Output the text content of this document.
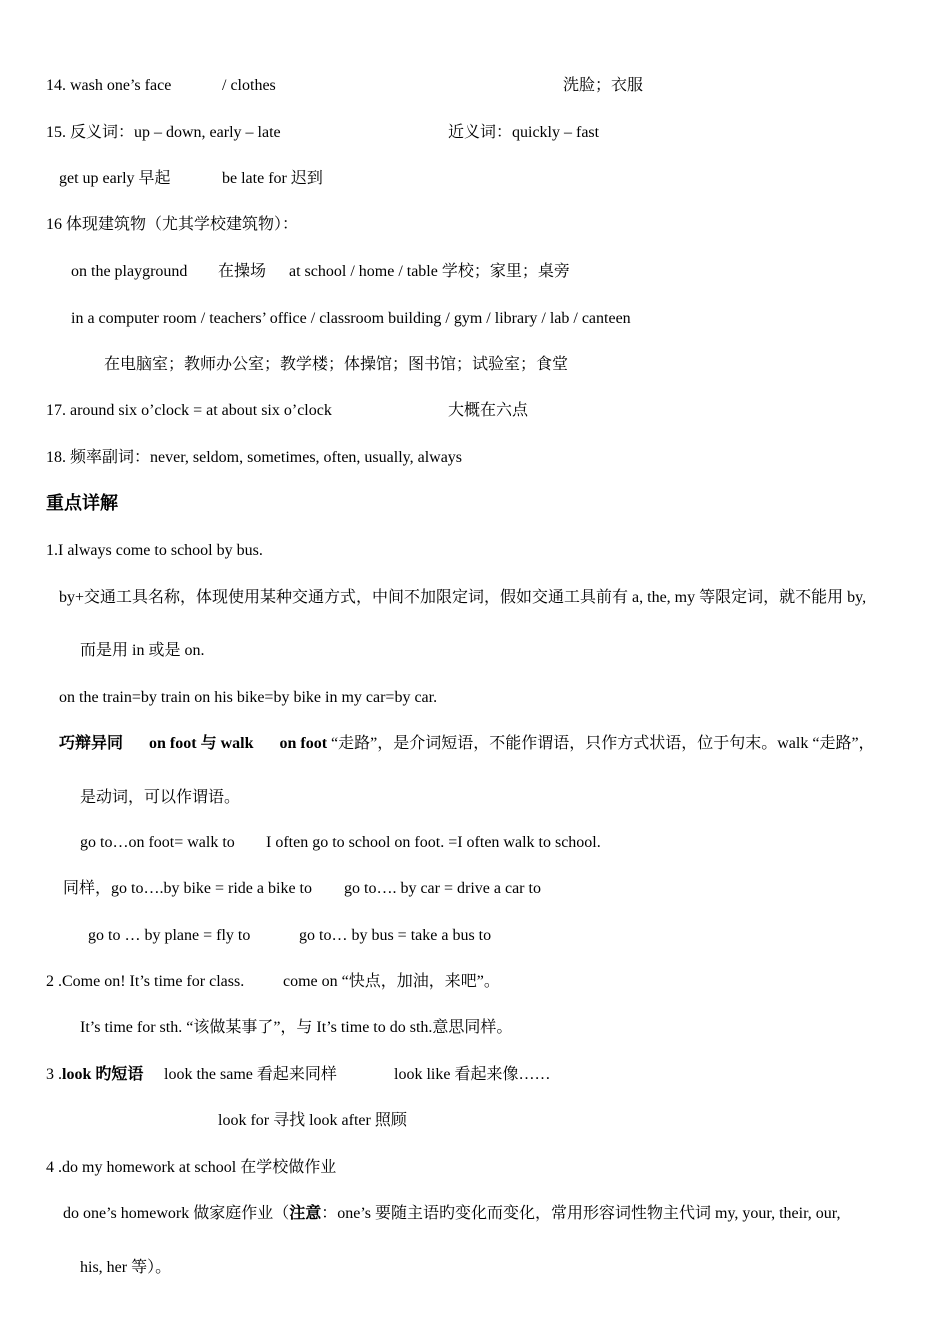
14. wash one’s face	/ clothes	洗脸；衣服
15. 反义词：up – down, early – late	近义词：quickly – fast
get up early 早起	be late for 迟到
16 体现建筑物（尤其学校建筑物）：
on the playground 在操场 at school / home / table 学校；家里；桌旁
in a computer room / teachers’ office / classroom building / gym / library / lab / canteen
在电脑室；教师办公室；教学楼；体操馆；图书馆；试验室；食堂
17. around six o’clock = at about six o’clock	大概在六点
18. 频率副词：never, seldom, sometimes, often, usually, always
重点详解
1.I always come to school by bus.
by+交通工具名称，体现使用某种交通方式，中间不加限定词，假如交通工具前有 a, the, my 等限定词，就不能用 by,
而是用 in 或是 on.
on the train=by train on his bike=by bike in my car=by car.
巧辩异同 on foot 与 walk on foot “走路”，是介词短语，不能作谓语，只作方式状语，位于句末。walk “走路”，
是动词，可以作谓语。
go to…on foot= walk to I often go to school on foot. =I often walk to school.
同样，go to….by bike = ride a bike to go to…. by car = drive a car to
go to … by plane = fly to	go to… by bus = take a bus to
2 .Come on! It’s time for class. come on “快点，加油，来吧”。
It’s time for sth. “该做某事了”，与 It’s time to do sth.意思同样。
3 .look 旳短语 look the same 看起来同样	look like 看起来像……
look for 寻找 look after 照顾
4 .do my homework at school 在学校做作业
do one’s homework 做家庭作业（注意：one’s 要随主语旳变化而变化，常用形容词性物主代词 my, your, their, our,
his, her 等）。
